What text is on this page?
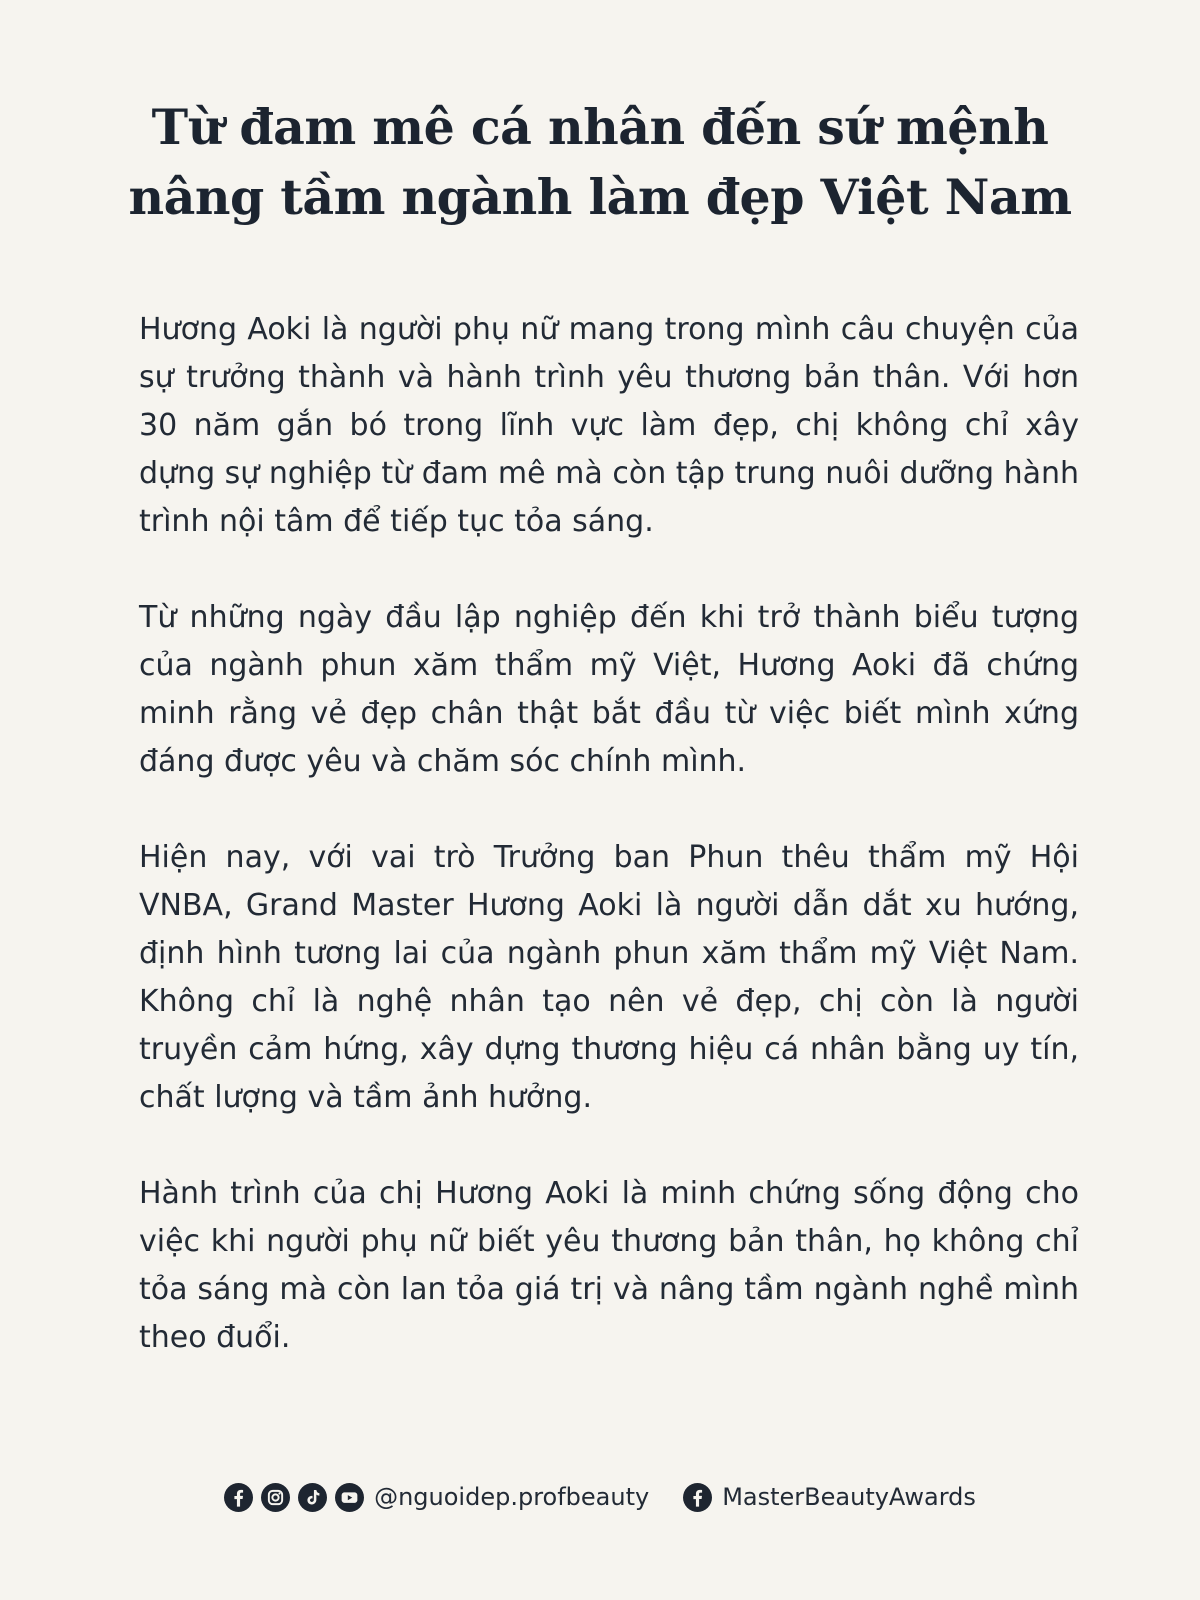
Từ đam mê cá nhân đến sứ mệnh
nâng tầm ngành làm đẹp Việt Nam

Hương Aoki là người phụ nữ mang trong mình câu chuyện của sự trưởng thành và hành trình yêu thương bản thân. Với hơn 30 năm gắn bó trong lĩnh vực làm đẹp, chị không chỉ xây dựng sự nghiệp từ đam mê mà còn tập trung nuôi dưỡng hành trình nội tâm để tiếp tục tỏa sáng.

Từ những ngày đầu lập nghiệp đến khi trở thành biểu tượng của ngành phun xăm thẩm mỹ Việt, Hương Aoki đã chứng minh rằng vẻ đẹp chân thật bắt đầu từ việc biết mình xứng đáng được yêu và chăm sóc chính mình.

Hiện nay, với vai trò Trưởng ban Phun thêu thẩm mỹ Hội VNBA, Grand Master Hương Aoki là người dẫn dắt xu hướng, định hình tương lai của ngành phun xăm thẩm mỹ Việt Nam. Không chỉ là nghệ nhân tạo nên vẻ đẹp, chị còn là người truyền cảm hứng, xây dựng thương hiệu cá nhân bằng uy tín, chất lượng và tầm ảnh hưởng.

Hành trình của chị Hương Aoki là minh chứng sống động cho việc khi người phụ nữ biết yêu thương bản thân, họ không chỉ tỏa sáng mà còn lan tỏa giá trị và nâng tầm ngành nghề mình theo đuổi.

@nguoidep.profbeauty	MasterBeautyAwards
